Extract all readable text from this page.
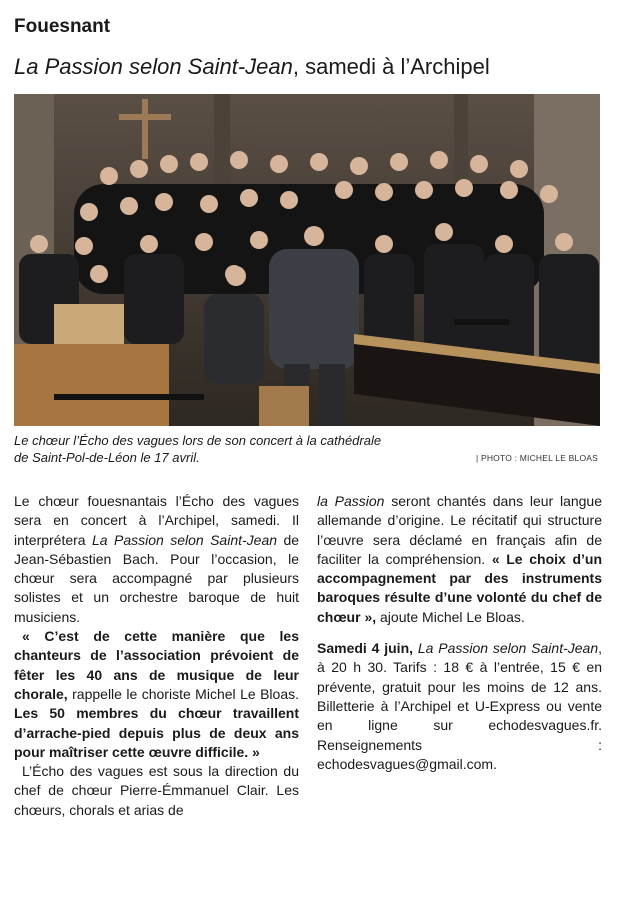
Fouesnant
La Passion selon Saint-Jean, samedi à l’Archipel
Le chœur l’Écho des vagues lors de son concert à la cathédrale
de Saint-Pol-de-Léon le 17 avril.	| PHOTO : MICHEL LE BLOAS

Le chœur fouesnantais l’Écho des vagues sera en concert à l’Archipel, samedi. Il interprétera La Passion selon Saint-Jean de Jean-Sébastien Bach. Pour l’occasion, le chœur sera accompagné par plusieurs solistes et un orchestre baroque de huit musiciens.

« C’est de cette manière que les chanteurs de l’association prévoient de fêter les 40 ans de musique de leur chorale, rappelle le choriste Michel Le Bloas. Les 50 membres du chœur travaillent d’arrache-pied depuis plus de deux ans pour maîtriser cette œuvre difficile. »

L’Écho des vagues est sous la direction du chef de chœur Pierre-Émmanuel Clair. Les chœurs, chorals et arias de

la Passion seront chantés dans leur langue allemande d’origine. Le récitatif qui structure l’œuvre sera déclamé en français afin de faciliter la compréhension. « Le choix d’un accompagnement par des instruments baroques résulte d’une volonté du chef de chœur », ajoute Michel Le Bloas.

Samedi 4 juin, La Passion selon Saint-Jean, à 20 h 30. Tarifs : 18 € à l’entrée, 15 € en prévente, gratuit pour les moins de 12 ans. Billetterie à l’Archipel et U-Express ou vente en ligne sur echodesvagues.fr. Renseignements : echodesvagues@gmail.com.
